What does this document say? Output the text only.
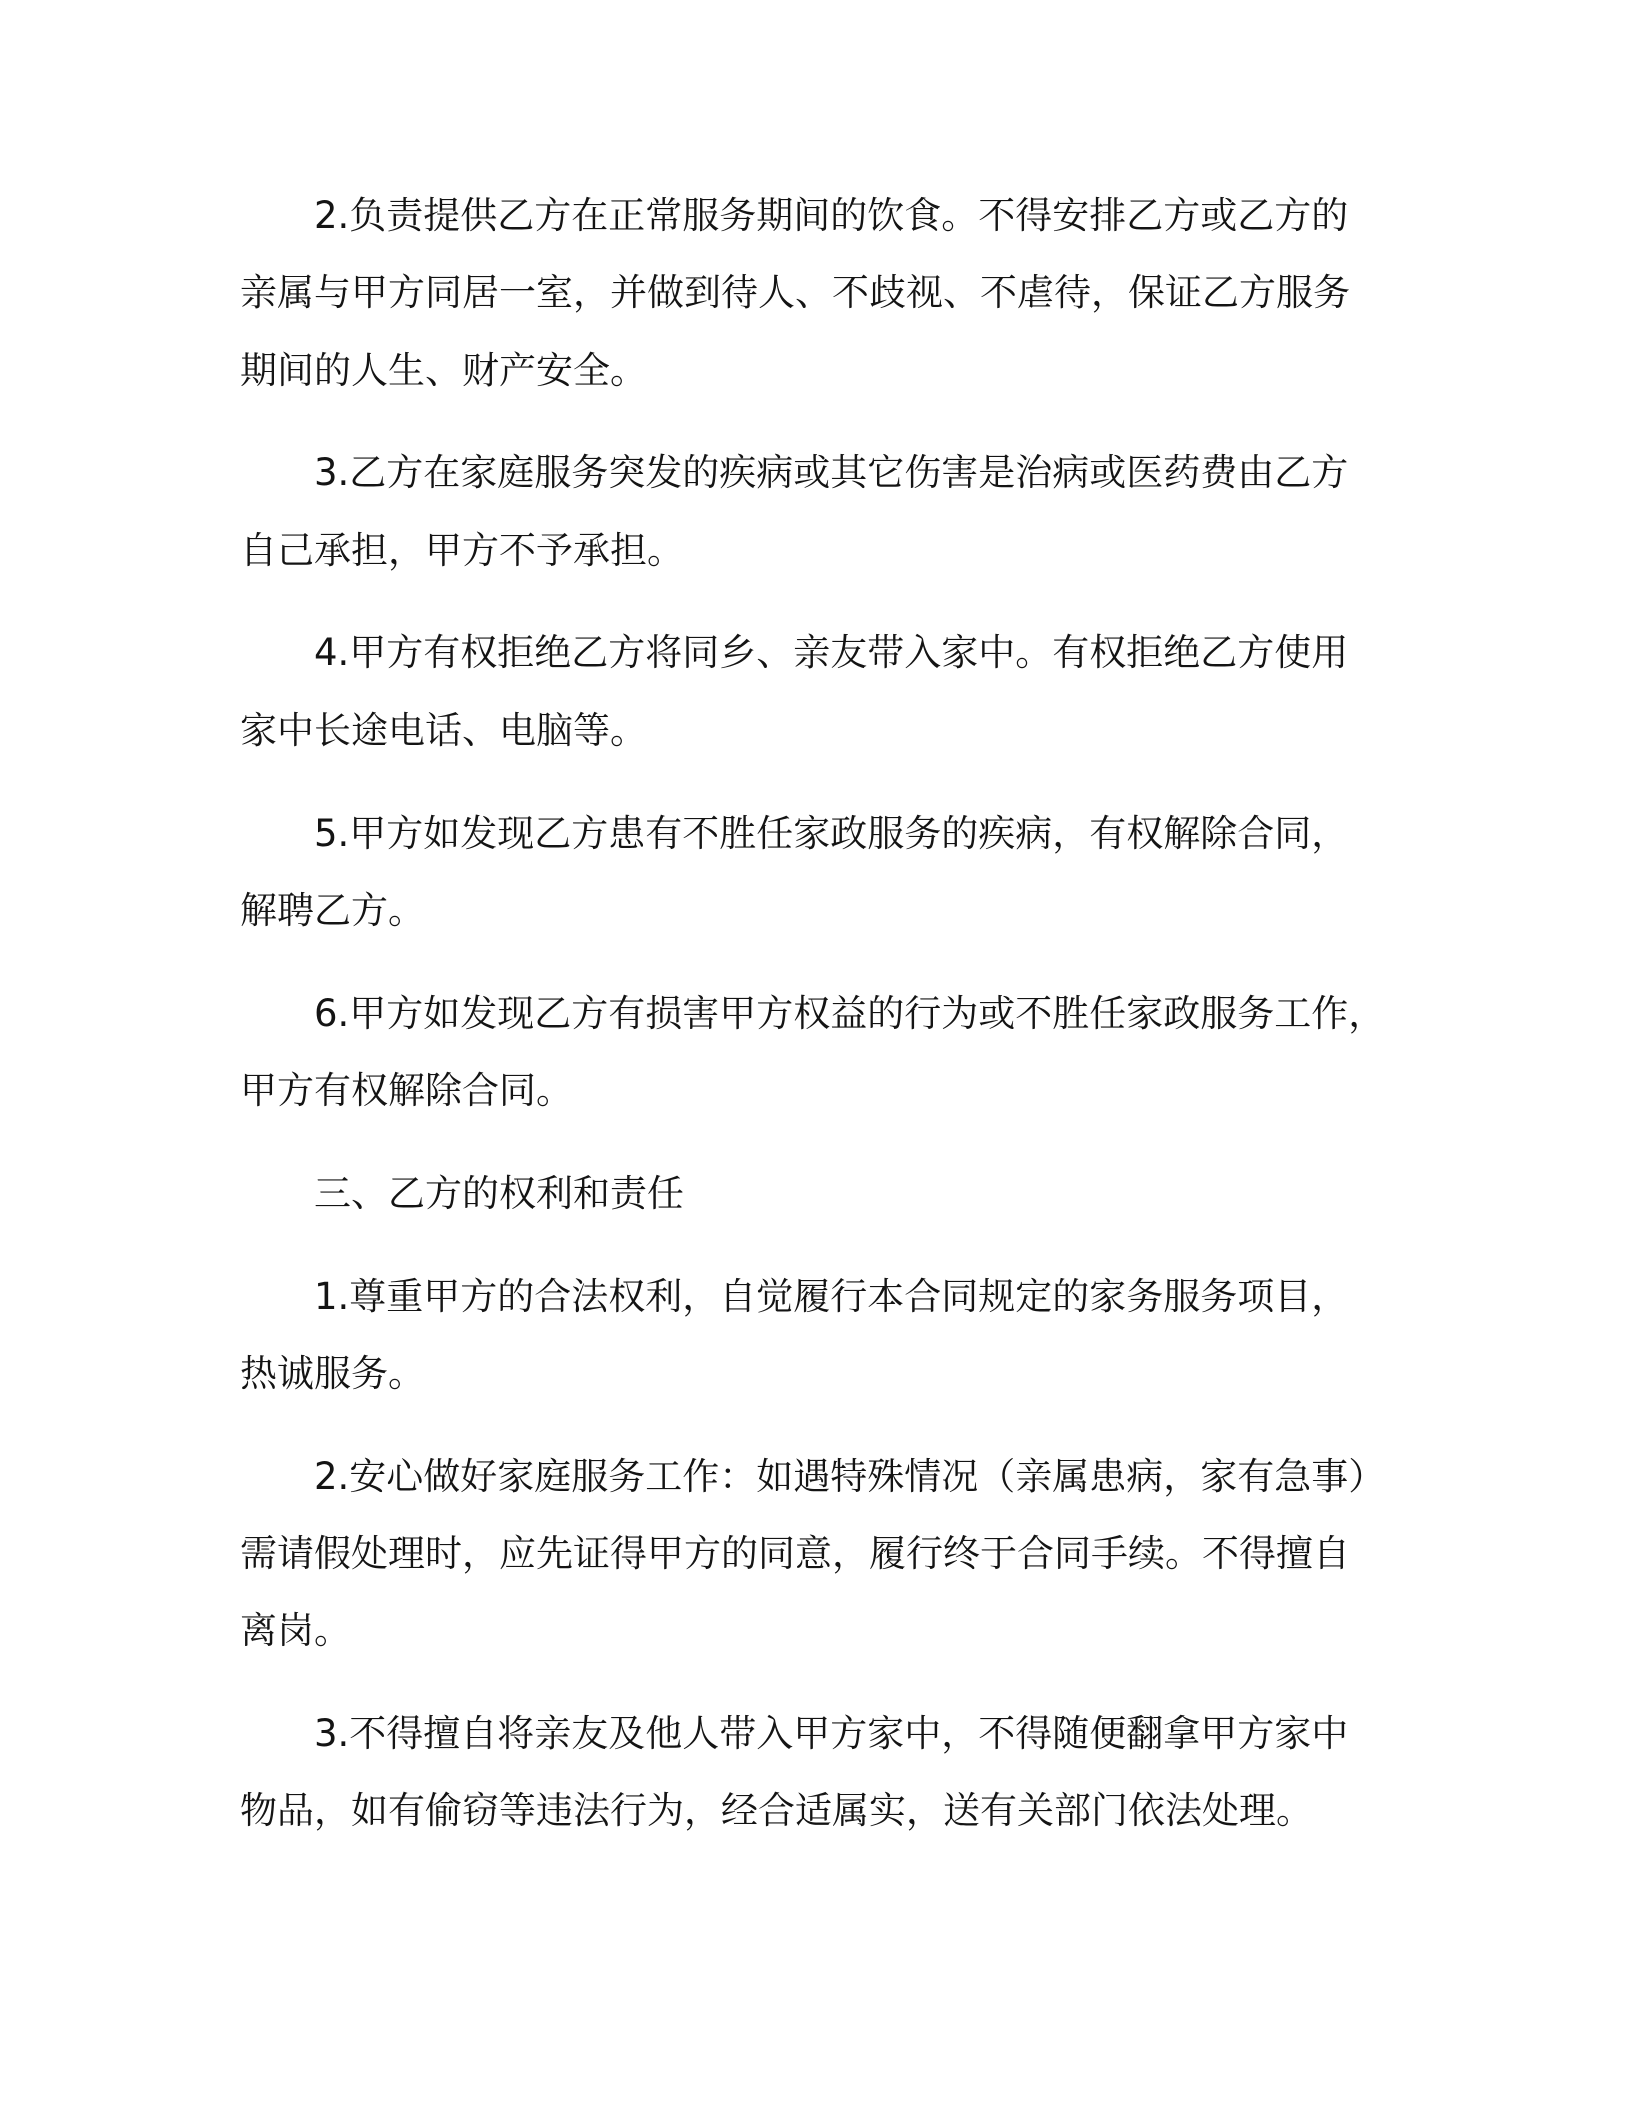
2.负责提供乙方在正常服务期间的饮食。不得安排乙方或乙方的
亲属与甲方同居一室，并做到待人、不歧视、不虐待，保证乙方服务
期间的人生、财产安全。
3.乙方在家庭服务突发的疾病或其它伤害是治病或医药费由乙方
自己承担，甲方不予承担。
4.甲方有权拒绝乙方将同乡、亲友带入家中。有权拒绝乙方使用
家中长途电话、电脑等。
5.甲方如发现乙方患有不胜任家政服务的疾病，有权解除合同，
解聘乙方。
6.甲方如发现乙方有损害甲方权益的行为或不胜任家政服务工作，
甲方有权解除合同。
三、乙方的权利和责任
1.尊重甲方的合法权利，自觉履行本合同规定的家务服务项目，
热诚服务。
2.安心做好家庭服务工作：如遇特殊情况（亲属患病，家有急事）
需请假处理时，应先证得甲方的同意，履行终于合同手续。不得擅自
离岗。
3.不得擅自将亲友及他人带入甲方家中，不得随便翻拿甲方家中
物品，如有偷窃等违法行为，经合适属实，送有关部门依法处理。
